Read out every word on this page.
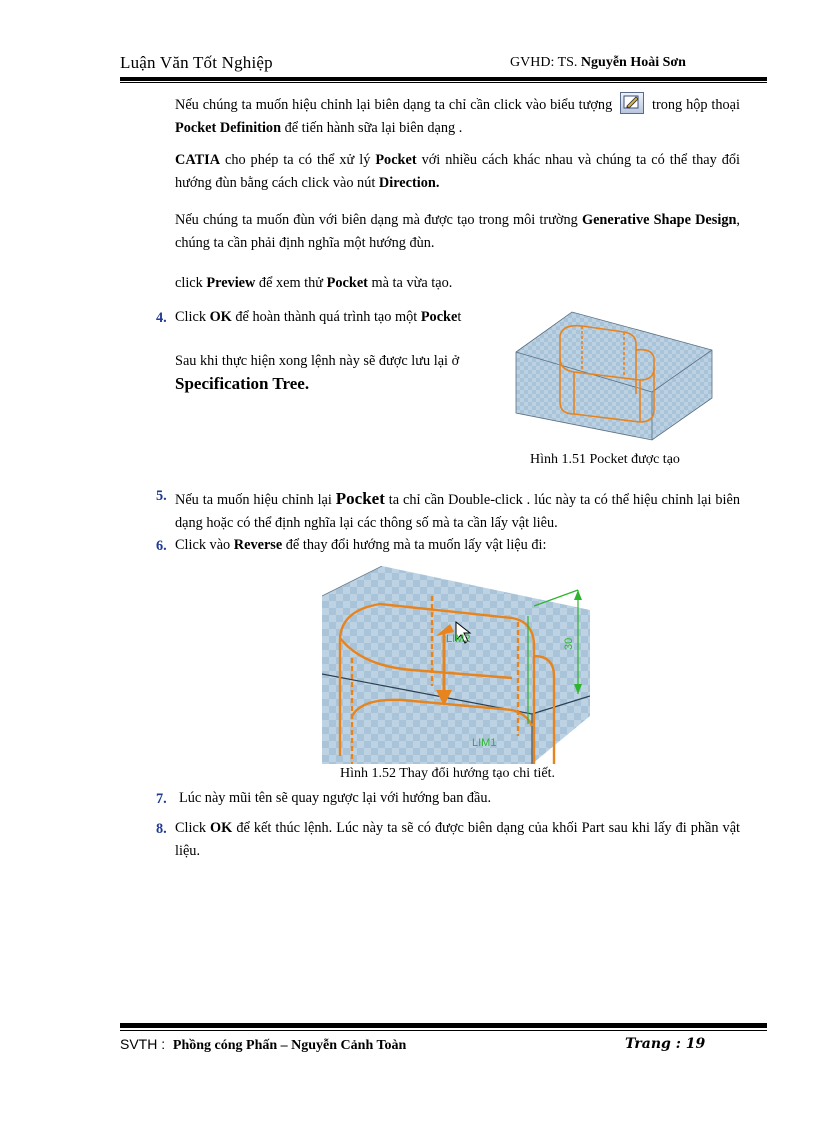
Luận Văn Tốt Nghiệp	GVHD: TS. Nguyễn Hoài Sơn
Nếu chúng ta muốn hiệu chỉnh lại biên dạng ta chỉ cần click vào biểu tượng	trong hộp thoại Pocket Definition để tiến hành sữa lại biên dạng .
CATIA cho phép ta có thể xử lý Pocket với nhiều cách khác nhau và chúng ta có thể thay đổi hướng đùn bằng cách click vào nút Direction.
Nếu chúng ta muốn đùn với biên dạng mà được tạo trong môi trường Generative Shape Design, chúng ta cần phải định nghĩa một hướng đùn.
click Preview để xem thử Pocket mà ta vừa tạo.
4. Click OK để hoàn thành quá trình tạo một Pocket
Sau khi thực hiện xong lệnh này sẽ được lưu lại ở
Specification Tree.
Hình 1.51 Pocket được tạo
5. Nếu ta muốn hiệu chỉnh lại Pocket ta chỉ cần Double-click . lúc này ta có thể hiệu chỉnh lại biên dạng hoặc có thể định nghĩa lại các thông số mà ta cần lấy vật liêu.
6. Click vào Reverse để thay đổi hướng mà ta muốn lấy vật liệu đi:
30
LIM2
LIM1
Hình 1.52 Thay đổi hướng tạo chi tiết.
7. Lúc này mũi tên sẽ quay ngược lại với hướng ban đầu.
8. Click OK để kết thúc lệnh. Lúc này ta sẽ có được biên dạng của khối Part sau khi lấy đi phần vật liệu.
SVTH : Phồng cóng Phấn – Nguyễn Cảnh Toàn	Trang : 19
